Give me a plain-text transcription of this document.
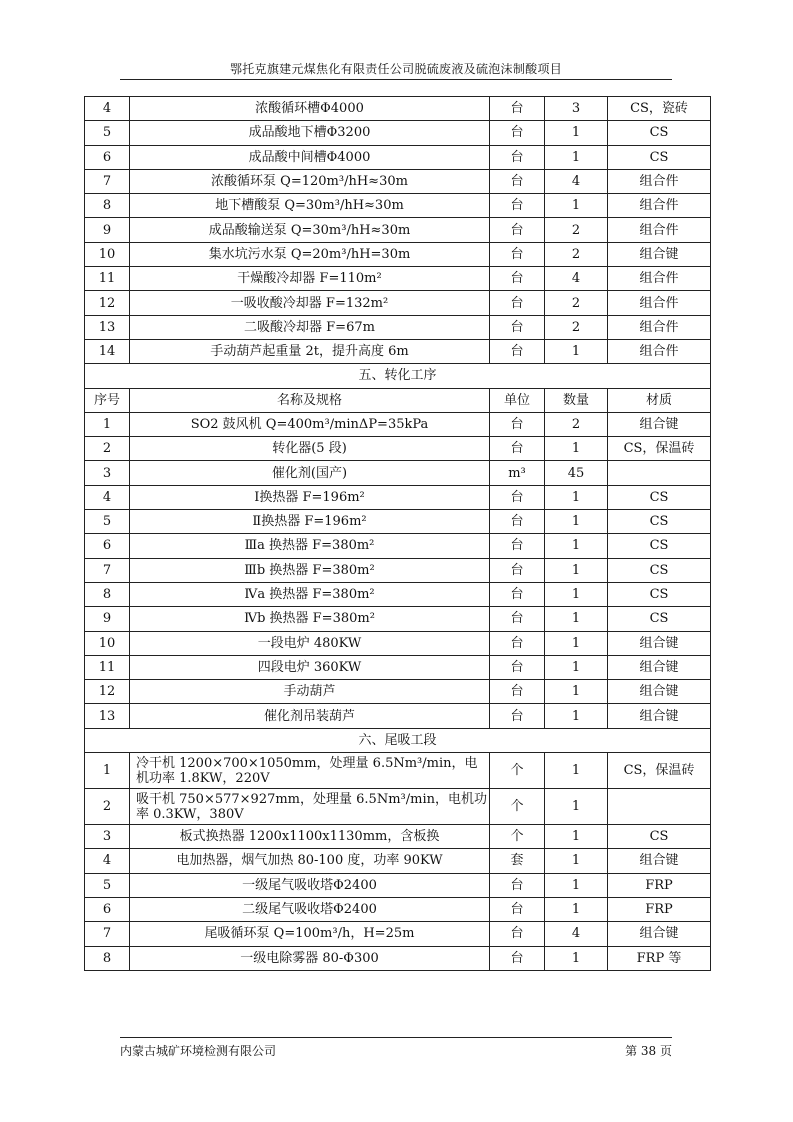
鄂托克旗建元煤焦化有限责任公司脱硫废液及硫泡沫制酸项目
4	浓酸循环槽Φ4000	台	3	CS，瓷砖
5	成品酸地下槽Φ3200	台	1	CS
6	成品酸中间槽Φ4000	台	1	CS
7	浓酸循环泵 Q=120m³/hH≈30m	台	4	组合件
8	地下槽酸泵 Q=30m³/hH≈30m	台	1	组合件
9	成品酸输送泵 Q=30m³/hH≈30m	台	2	组合件
10	集水坑污水泵 Q=20m³/hH=30m	台	2	组合键
11	干燥酸冷却器 F=110m²	台	4	组合件
12	一吸收酸冷却器 F=132m²	台	2	组合件
13	二吸酸冷却器 F=67m	台	2	组合件
14	手动葫芦起重量 2t，提升高度 6m	台	1	组合件
五、转化工序				
序号	名称及规格	单位	数量	材质
1	SO2 鼓风机 Q=400m³/minΔP=35kPa	台	2	组合键
2	转化器(5 段)	台	1	CS，保温砖
3	催化剂(国产)	m³	45	
4	Ⅰ换热器 F=196m²	台	1	CS
5	Ⅱ换热器 F=196m²	台	1	CS
6	Ⅲa 换热器 F=380m²	台	1	CS
7	Ⅲb 换热器 F=380m²	台	1	CS
8	Ⅳa 换热器 F=380m²	台	1	CS
9	Ⅳb 换热器 F=380m²	台	1	CS
10	一段电炉 480KW	台	1	组合键
11	四段电炉 360KW	台	1	组合键
12	手动葫芦	台	1	组合键
13	催化剂吊装葫芦	台	1	组合键
六、尾吸工段				
1	冷干机 1200×700×1050mm，处理量 6.5Nm³/min，电机功率 1.8KW，220V	个	1	CS，保温砖
2	吸干机 750×577×927mm，处理量 6.5Nm³/min，电机功率 0.3KW，380V	个	1	
3	板式换热器 1200x1100x1130mm，含板换	个	1	CS
4	电加热器，烟气加热 80-100 度，功率 90KW	套	1	组合键
5	一级尾气吸收塔Φ2400	台	1	FRP
6	二级尾气吸收塔Φ2400	台	1	FRP
7	尾吸循环泵 Q=100m³/h，H=25m	台	4	组合键
8	一级电除雾器 80-Φ300	台	1	FRP 等
内蒙古城矿环境检测有限公司	第 38 页
